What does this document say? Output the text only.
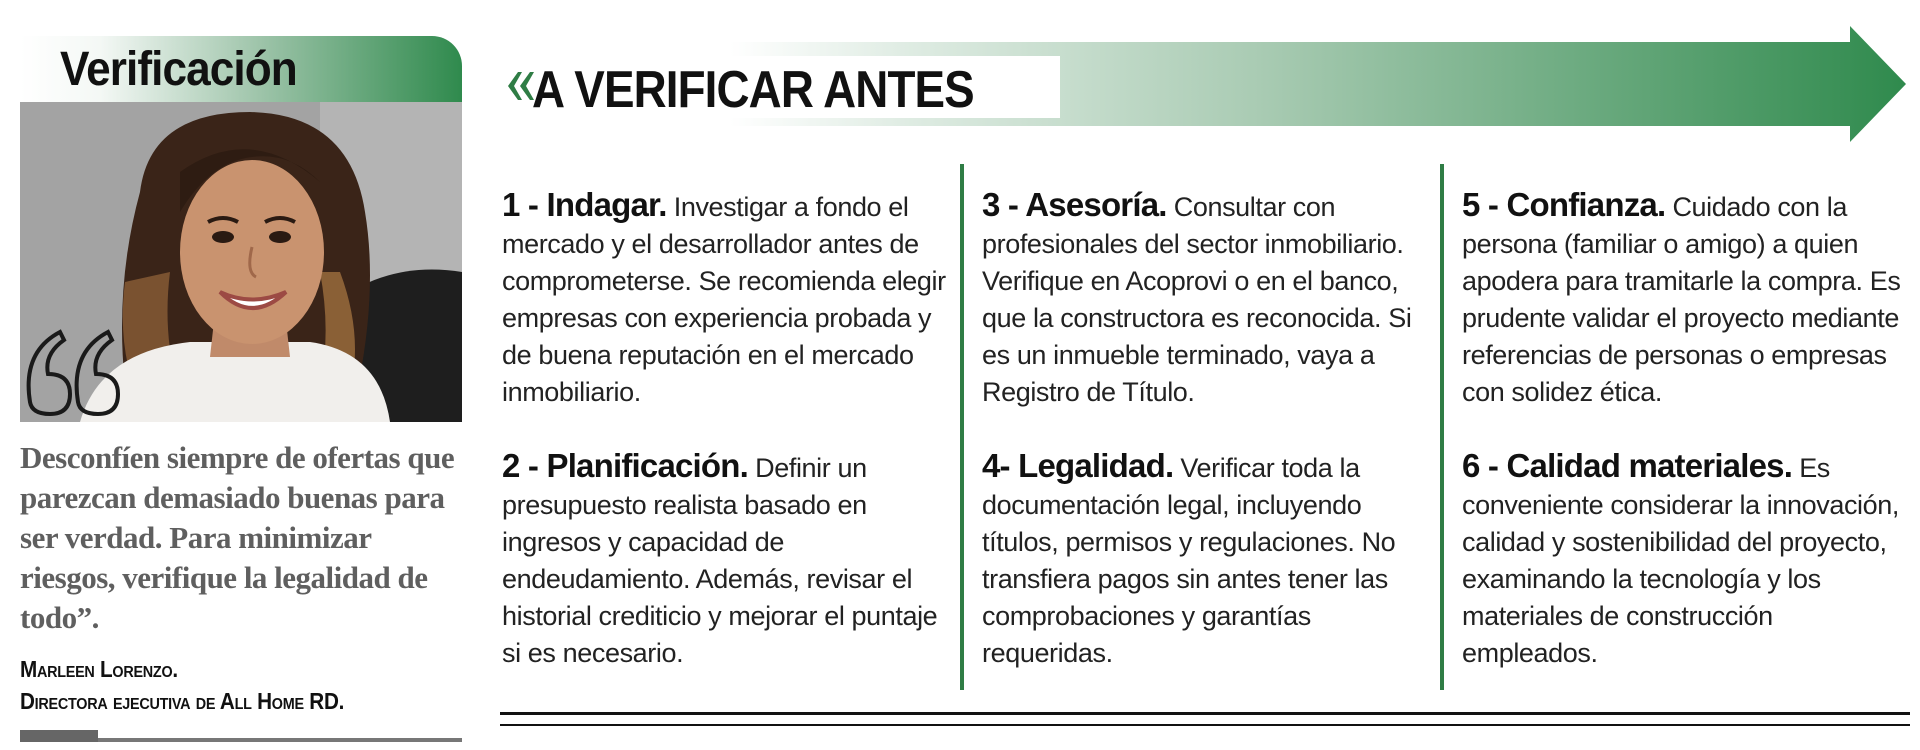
Verificación
Desconfíen siempre de ofertas que parezcan demasiado buenas para ser verdad. Para minimizar riesgos, verifique la legalidad de todo”.
Marleen Lorenzo.
Directora ejecutiva de All Home RD.
A VERIFICAR ANTES

1 - Indagar. Investigar a fondo el mercado y el desarrollador antes de comprometerse. Se recomienda elegir empresas con experiencia probada y de buena reputación en el mercado inmobiliario.

2 - Planificación. Definir un presupuesto realista basado en ingresos y capacidad de endeudamiento. Además, revisar el historial crediticio y mejorar el puntaje si es necesario.

3 - Asesoría. Consultar con profesionales del sector inmobiliario. Verifique en Acoprovi o en el banco, que la constructora es reconocida. Si es un inmueble terminado, vaya a Registro de Título.

4- Legalidad. Verificar toda la documentación legal, incluyendo títulos, permisos y regulaciones. No transfiera pagos sin antes tener las comprobaciones y garantías requeridas.

5 - Confianza. Cuidado con la persona (familiar o amigo) a quien apodera para tramitarle la compra. Es prudente validar el proyecto mediante referencias de personas o empresas con solidez ética.

6 - Calidad materiales. Es conveniente considerar la innovación, calidad y sostenibilidad del proyecto, examinando la tecnología y los materiales de construcción empleados.
